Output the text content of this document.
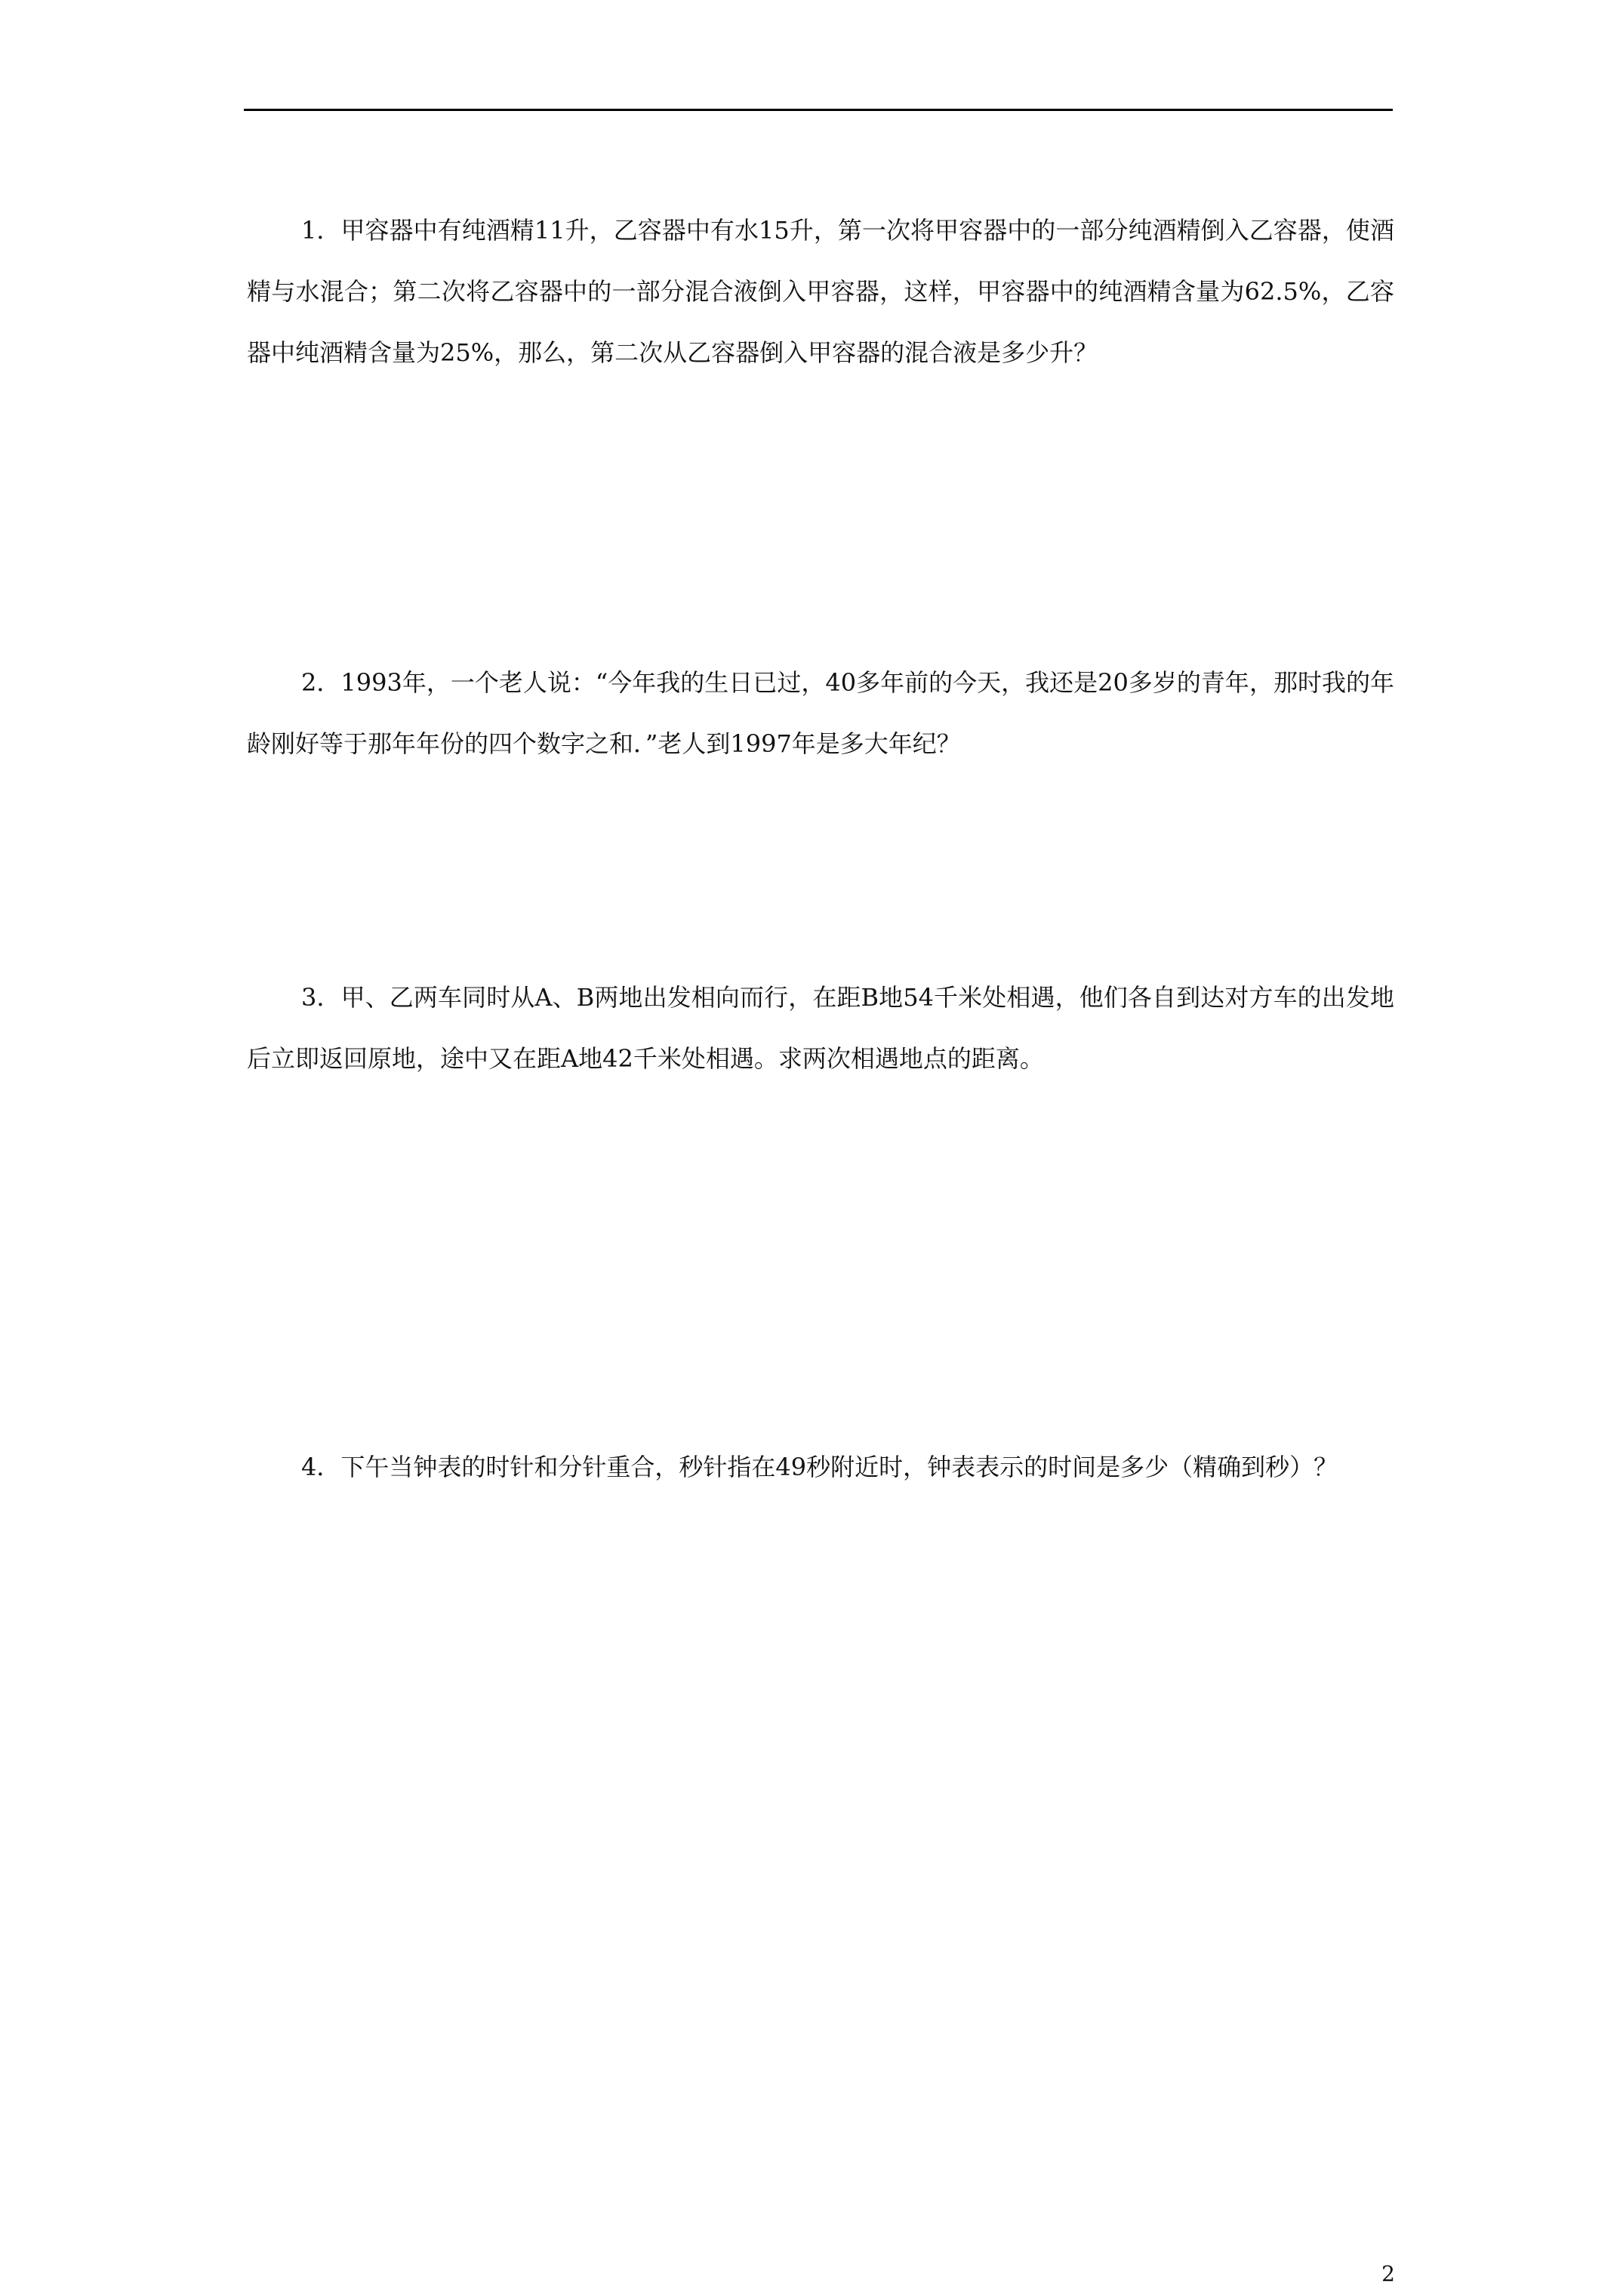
1．甲容器中有纯酒精11升，乙容器中有水15升，第一次将甲容器中的一部分纯酒精倒入乙容器，使酒精与水混合；第二次将乙容器中的一部分混合液倒入甲容器，这样，甲容器中的纯酒精含量为62.5%，乙容器中纯酒精含量为25%，那么，第二次从乙容器倒入甲容器的混合液是多少升？

2．1993年，一个老人说：“今年我的生日已过，40多年前的今天，我还是20多岁的青年，那时我的年龄刚好等于那年年份的四个数字之和．”老人到1997年是多大年纪？

3．甲、乙两车同时从A、B两地出发相向而行，在距B地54千米处相遇，他们各自到达对方车的出发地后立即返回原地，途中又在距A地42千米处相遇。求两次相遇地点的距离。

4．下午当钟表的时针和分针重合，秒针指在49秒附近时，钟表表示的时间是多少（精确到秒）？

2
